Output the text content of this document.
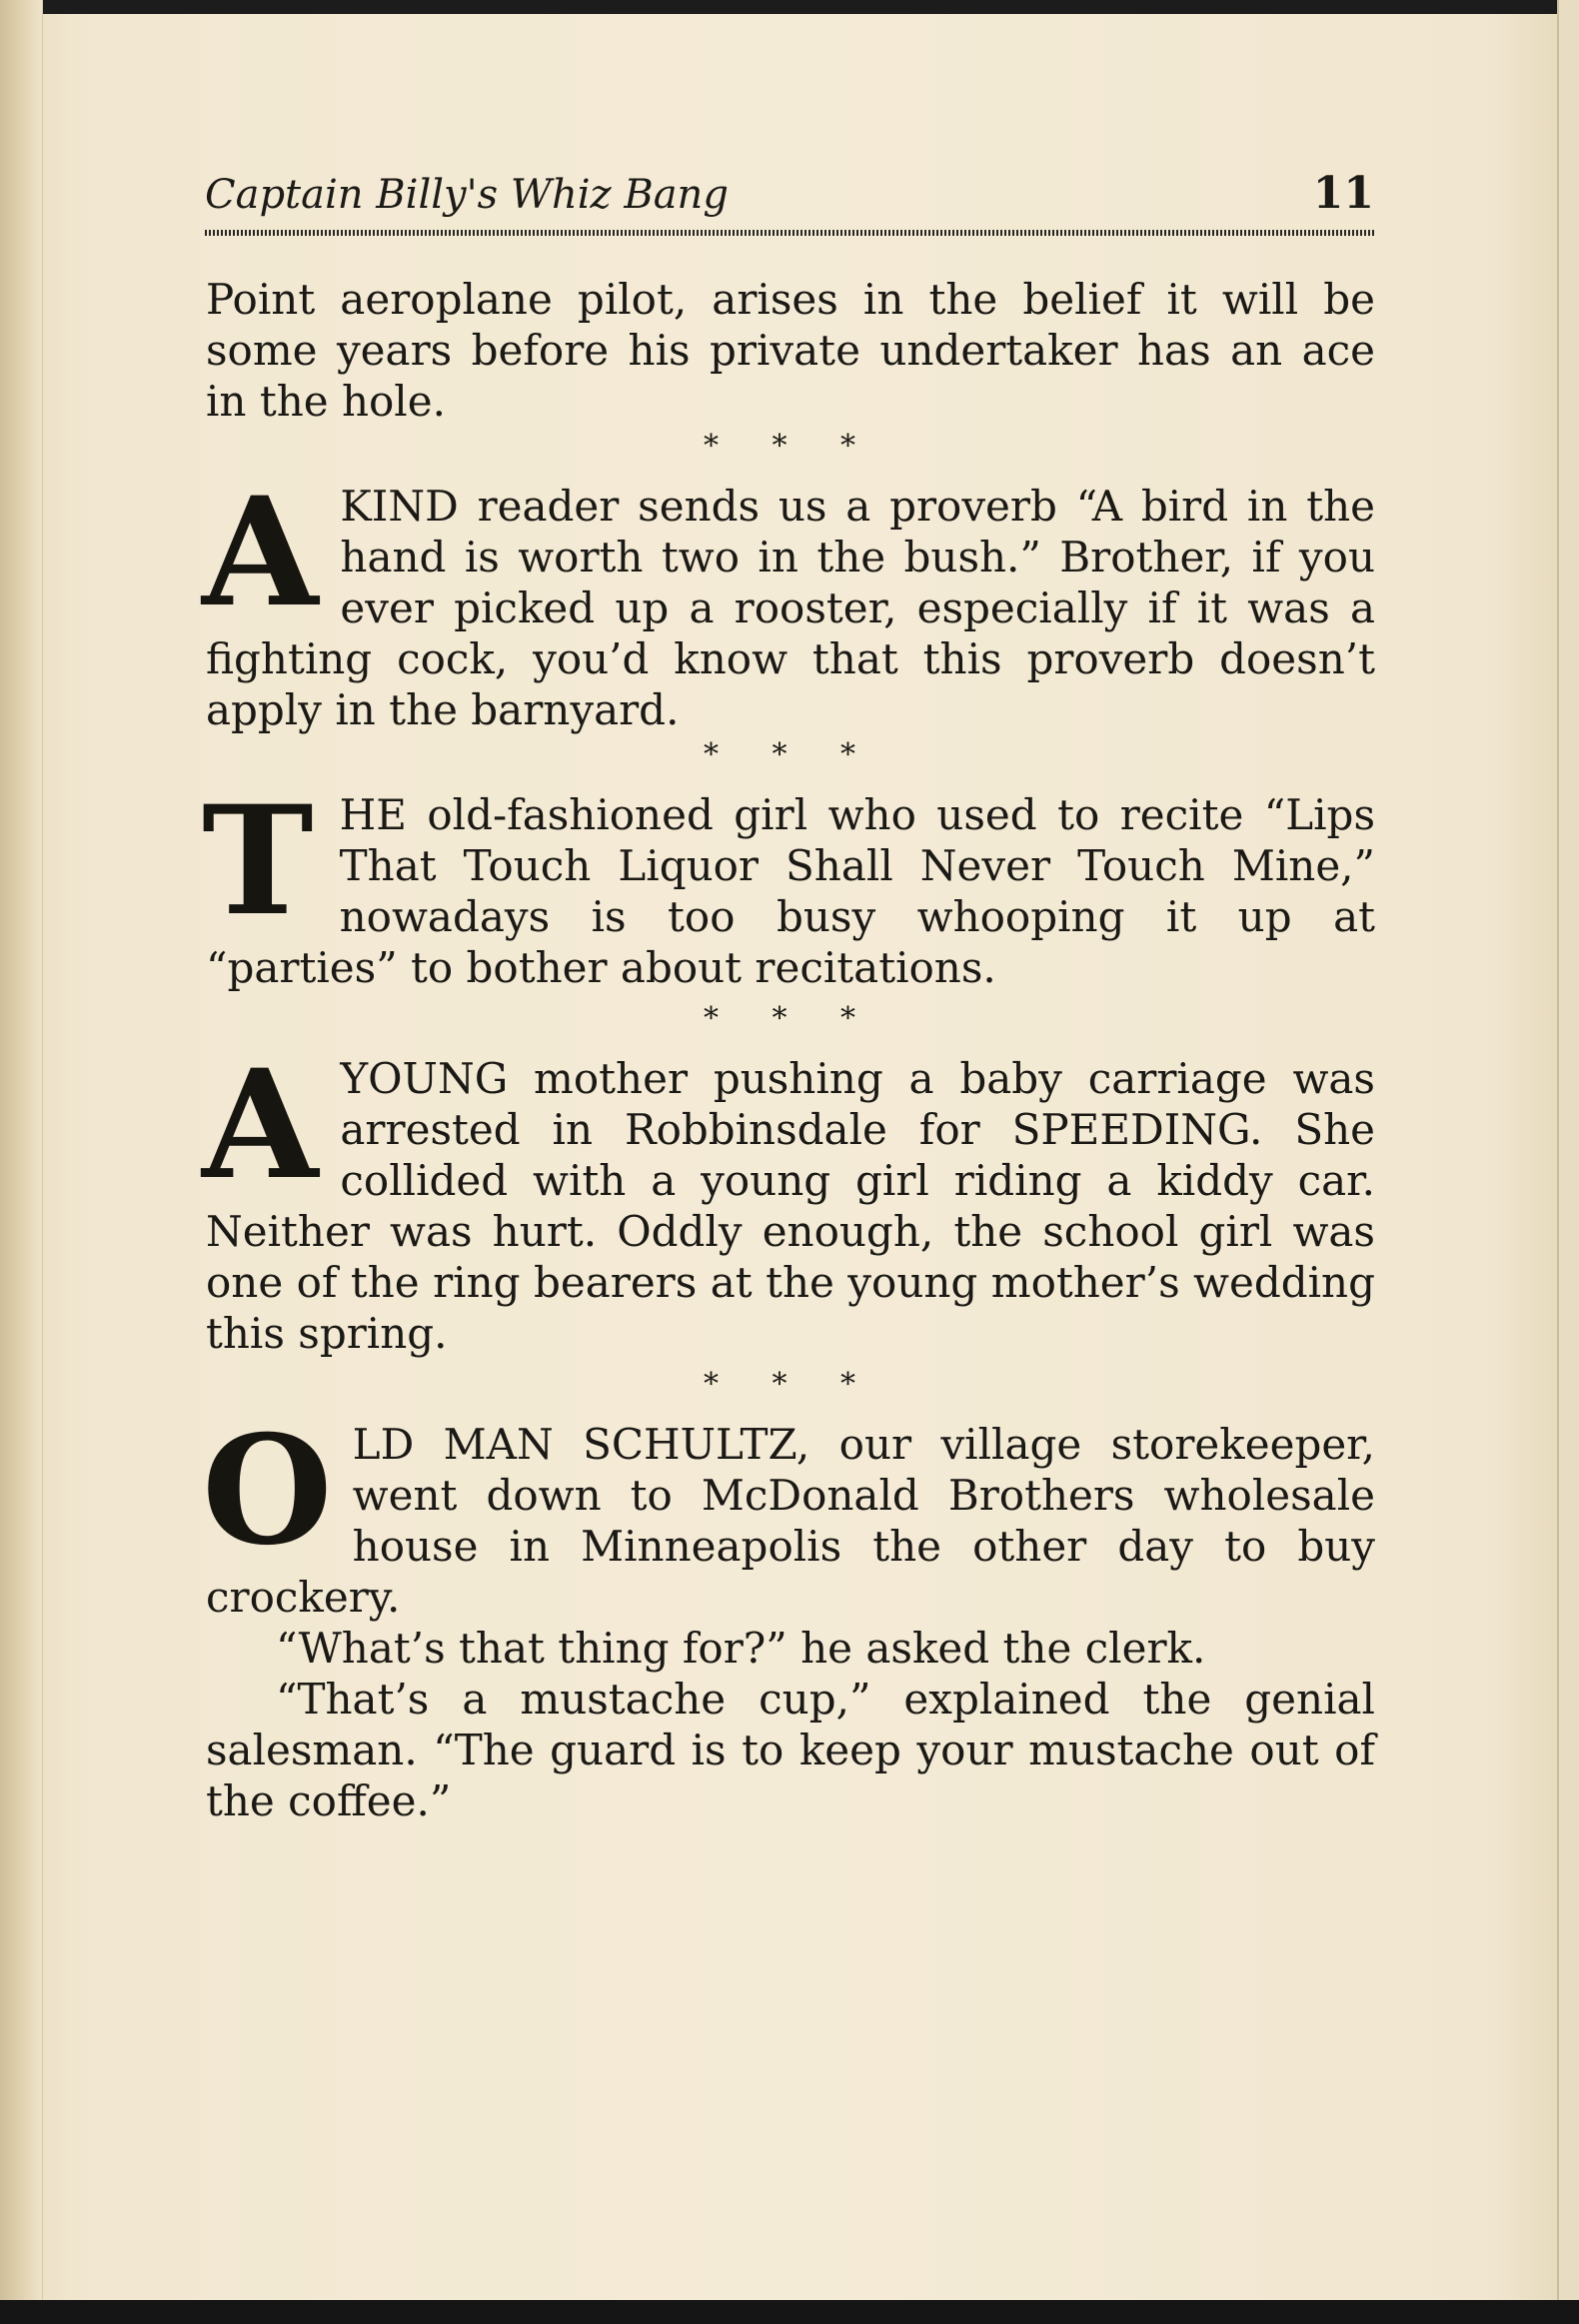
Captain Billy's Whiz Bang	11

Point aeroplane pilot, arises in the belief it will be some years before his private undertaker has an ace in the hole.

* * *
A KIND reader sends us a proverb “A bird in the hand is worth two in the bush.” Brother, if you ever picked up a rooster, especially if it was a fighting cock, you’d know that this proverb doesn’t apply in the barnyard.

* * *
T HE old-fashioned girl who used to recite “Lips That Touch Liquor Shall Never Touch Mine,” nowadays is too busy whooping it up at “parties” to bother about recitations.

* * *
A YOUNG mother pushing a baby carriage was arrested in Robbinsdale for SPEEDING. She collided with a young girl riding a kiddy car. Neither was hurt. Oddly enough, the school girl was one of the ring bearers at the young mother’s wedding this spring.

* * *
O LD MAN SCHULTZ, our village storekeeper, went down to McDonald Brothers wholesale house in Minneapolis the other day to buy crockery.

“What’s that thing for?” he asked the clerk.

“That’s a mustache cup,” explained the genial salesman. “The guard is to keep your mustache out of the coffee.”
